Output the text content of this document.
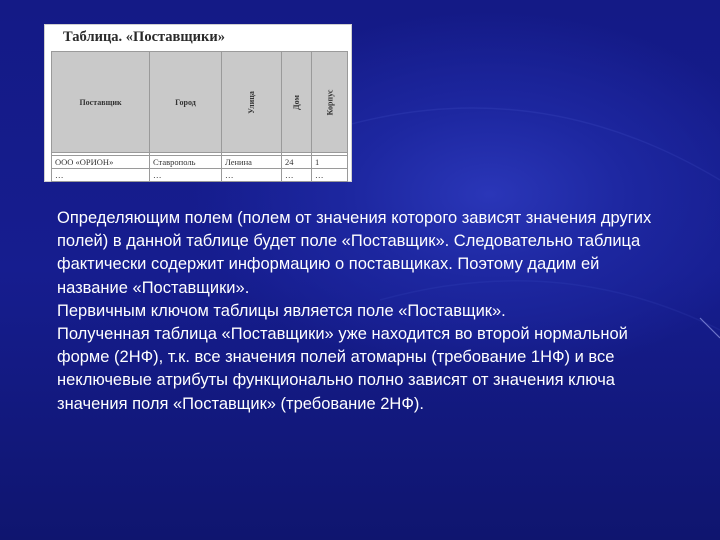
Таблица. «Поставщики»
Поставщик	Город	Улица	Дом	Корпус

ООО «ОРИОН»	Ставрополь	Ленина	24	1
…	…	…	…	…

Определяющим полем (полем от значения которого зависят значения других полей) в данной таблице будет поле «Поставщик». Следовательно таблица фактически содержит информацию о поставщиках. Поэтому дадим ей название «Поставщики».

Первичным ключом таблицы является поле «Поставщик».

Полученная таблица «Поставщики» уже находится во второй нормальной форме (2НФ), т.к. все значения полей атомарны (требование 1НФ) и все неключевые атрибуты функционально полно зависят от значения ключа значения поля «Поставщик» (требование 2НФ).
